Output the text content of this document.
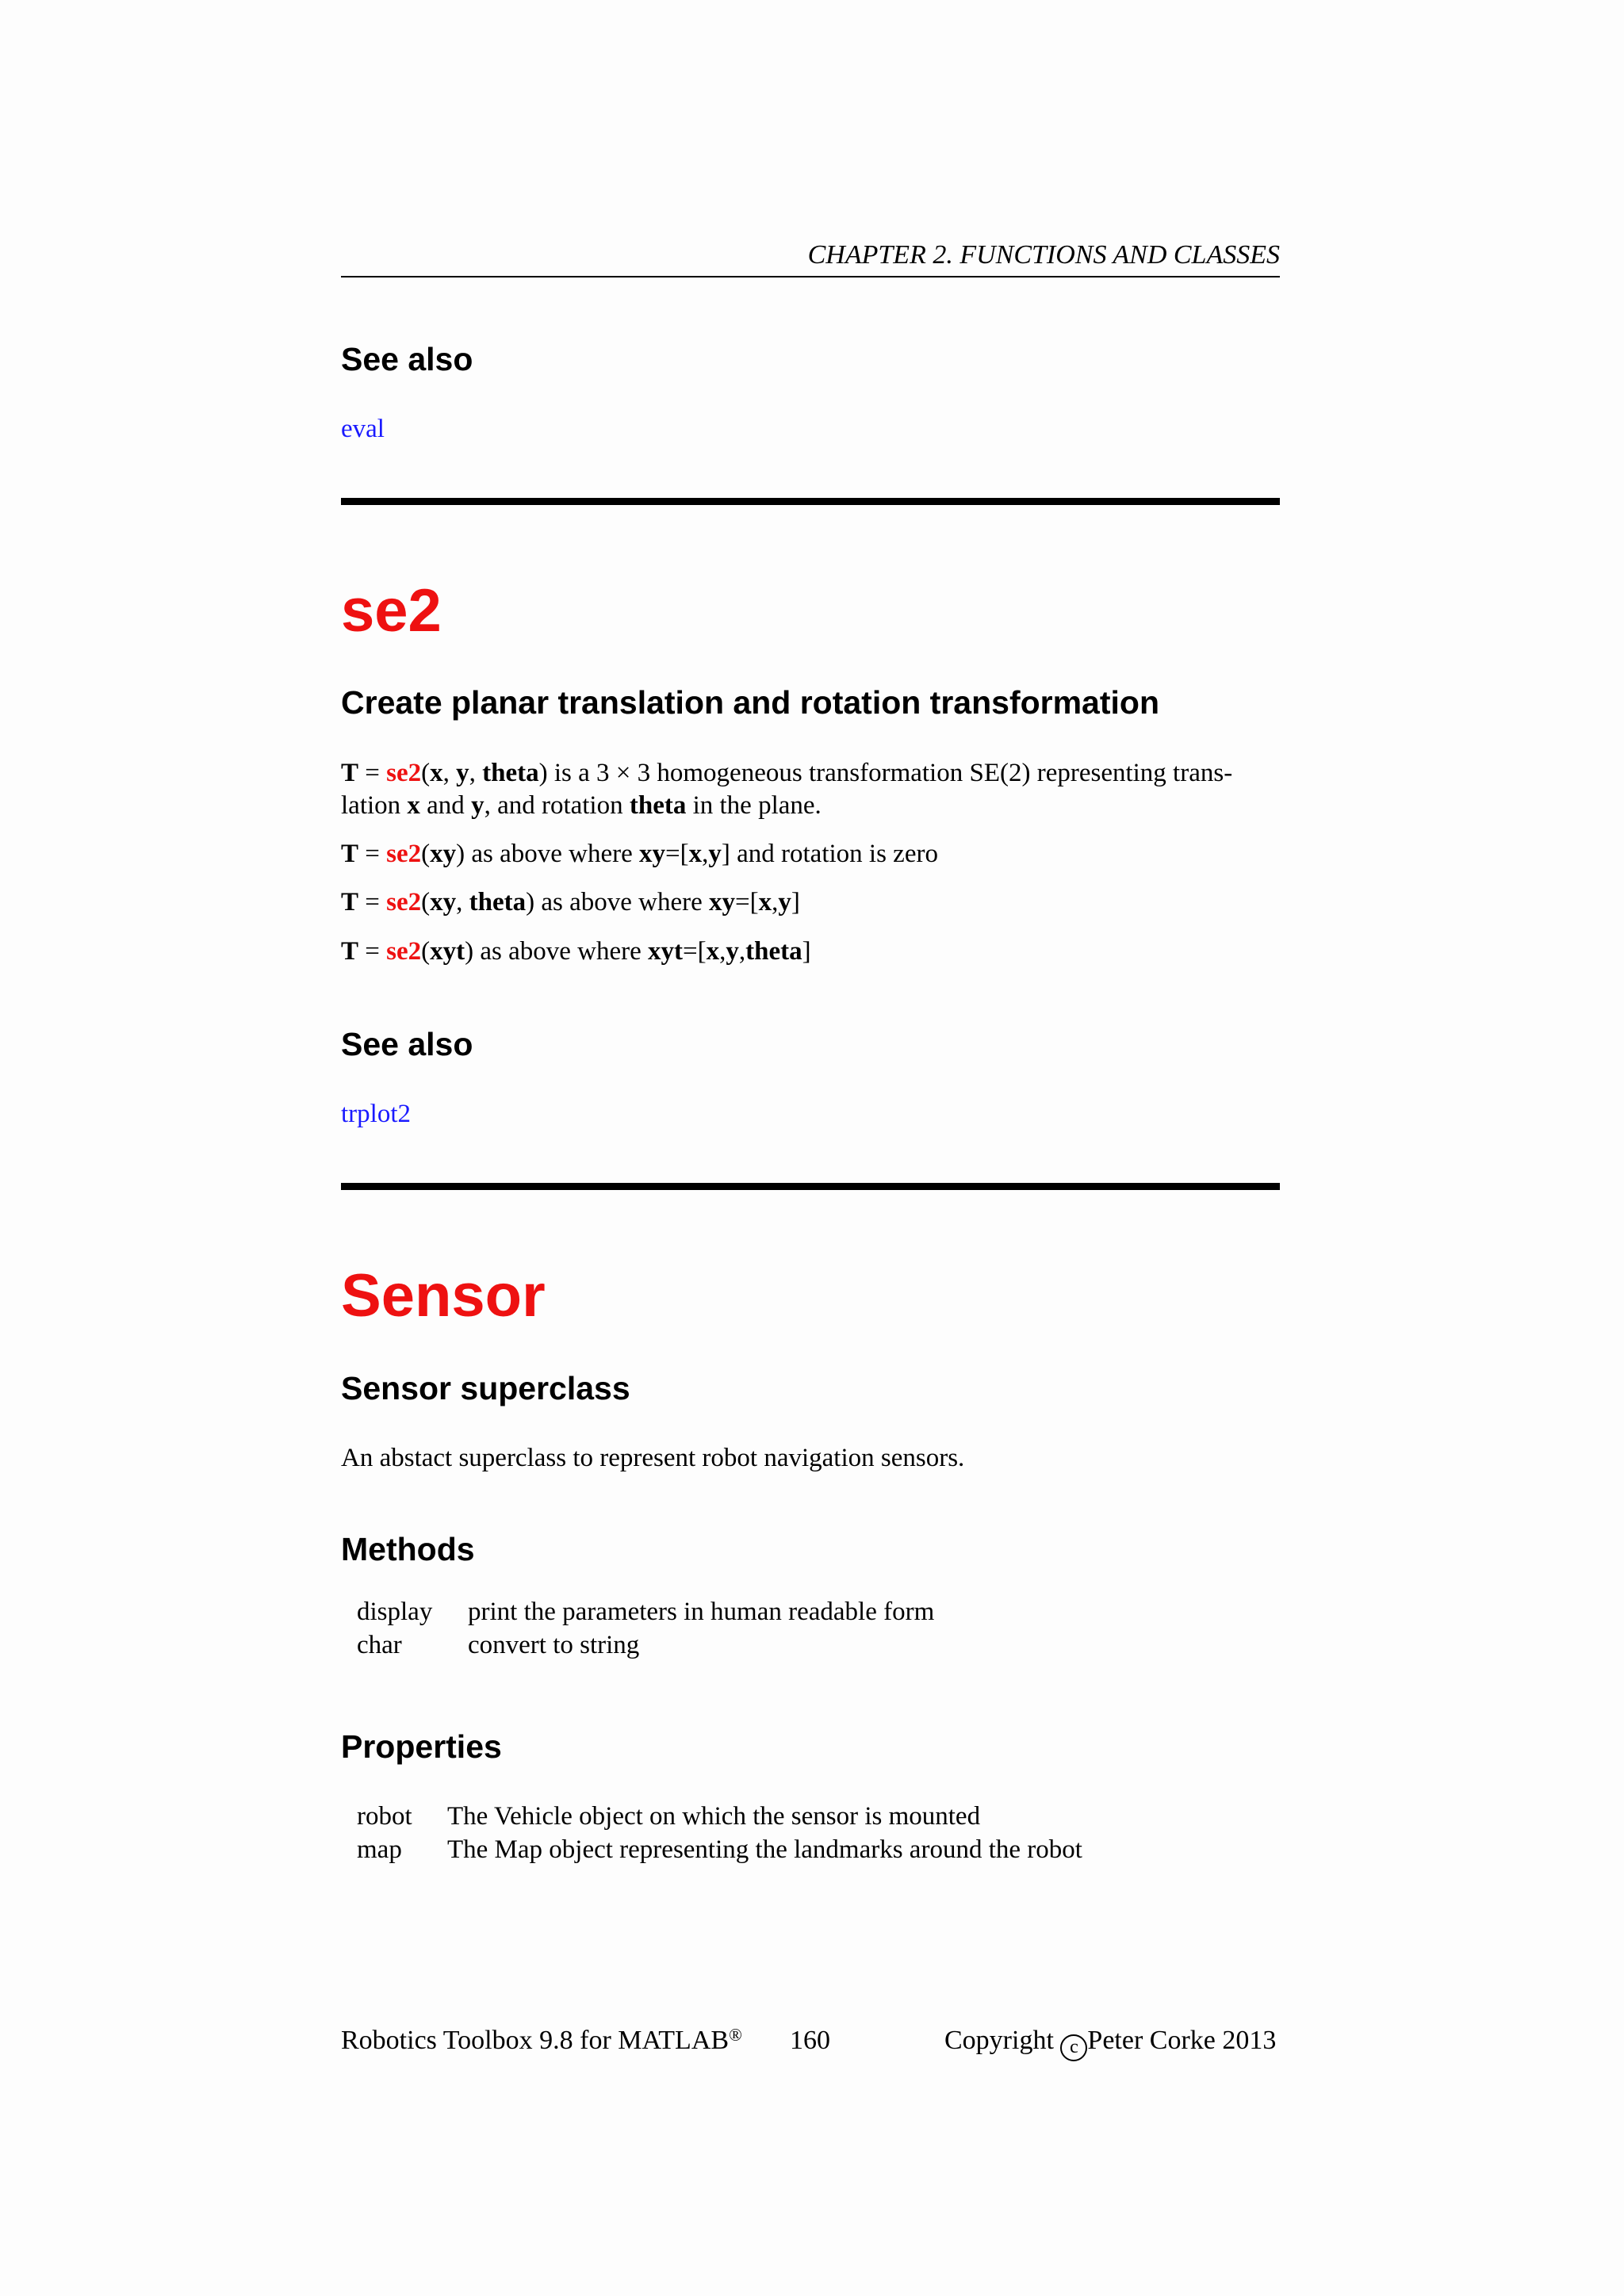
CHAPTER 2. FUNCTIONS AND CLASSES
See also
eval
se2
Create planar translation and rotation transformation
T = se2(x, y, theta) is a 3 × 3 homogeneous transformation SE(2) representing trans-
lation x and y, and rotation theta in the plane.
T = se2(xy) as above where xy=[x,y] and rotation is zero
T = se2(xy, theta) as above where xy=[x,y]
T = se2(xyt) as above where xyt=[x,y,theta]
See also
trplot2
Sensor
Sensor superclass
An abstact superclass to represent robot navigation sensors.
Methods
display print the parameters in human readable form
char	convert to string
Properties
robot The Vehicle object on which the sensor is mounted
map The Map object representing the landmarks around the robot
Robotics Toolbox 9.8 for MATLAB® 160	Copyright c Peter Corke 2013
